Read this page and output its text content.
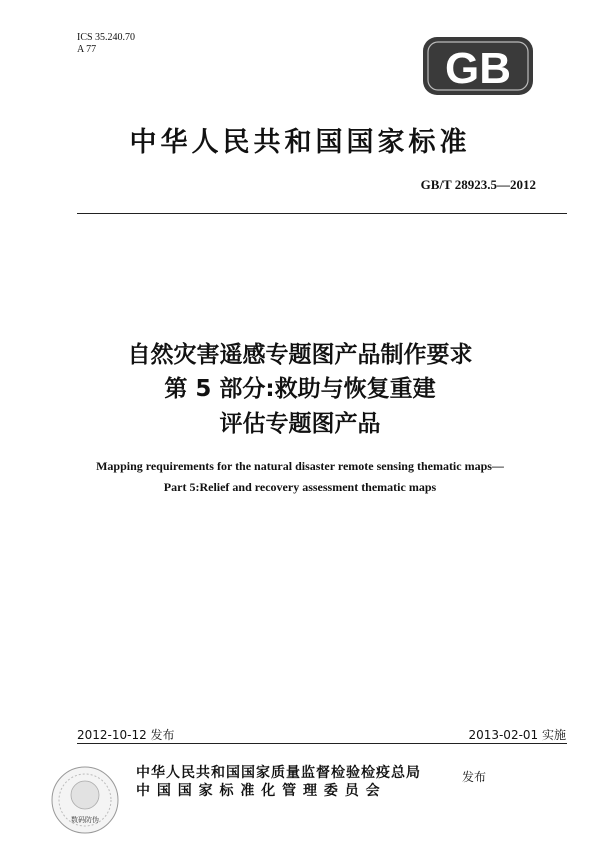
ICS 35.240.70
A 77	GB
中华人民共和国国家标准
GB/T 28923.5—2012
自然灾害遥感专题图产品制作要求
第 5 部分:救助与恢复重建
评估专题图产品
Mapping requirements for the natural disaster remote sensing thematic maps—
Part 5:Relief and recovery assessment thematic maps
2012-10-12 发布	2013-02-01 实施
数码防伪
中华人民共和国国家质量监督检验检疫总局
中 国 国 家 标 准 化 管 理 委 员 会
发布
